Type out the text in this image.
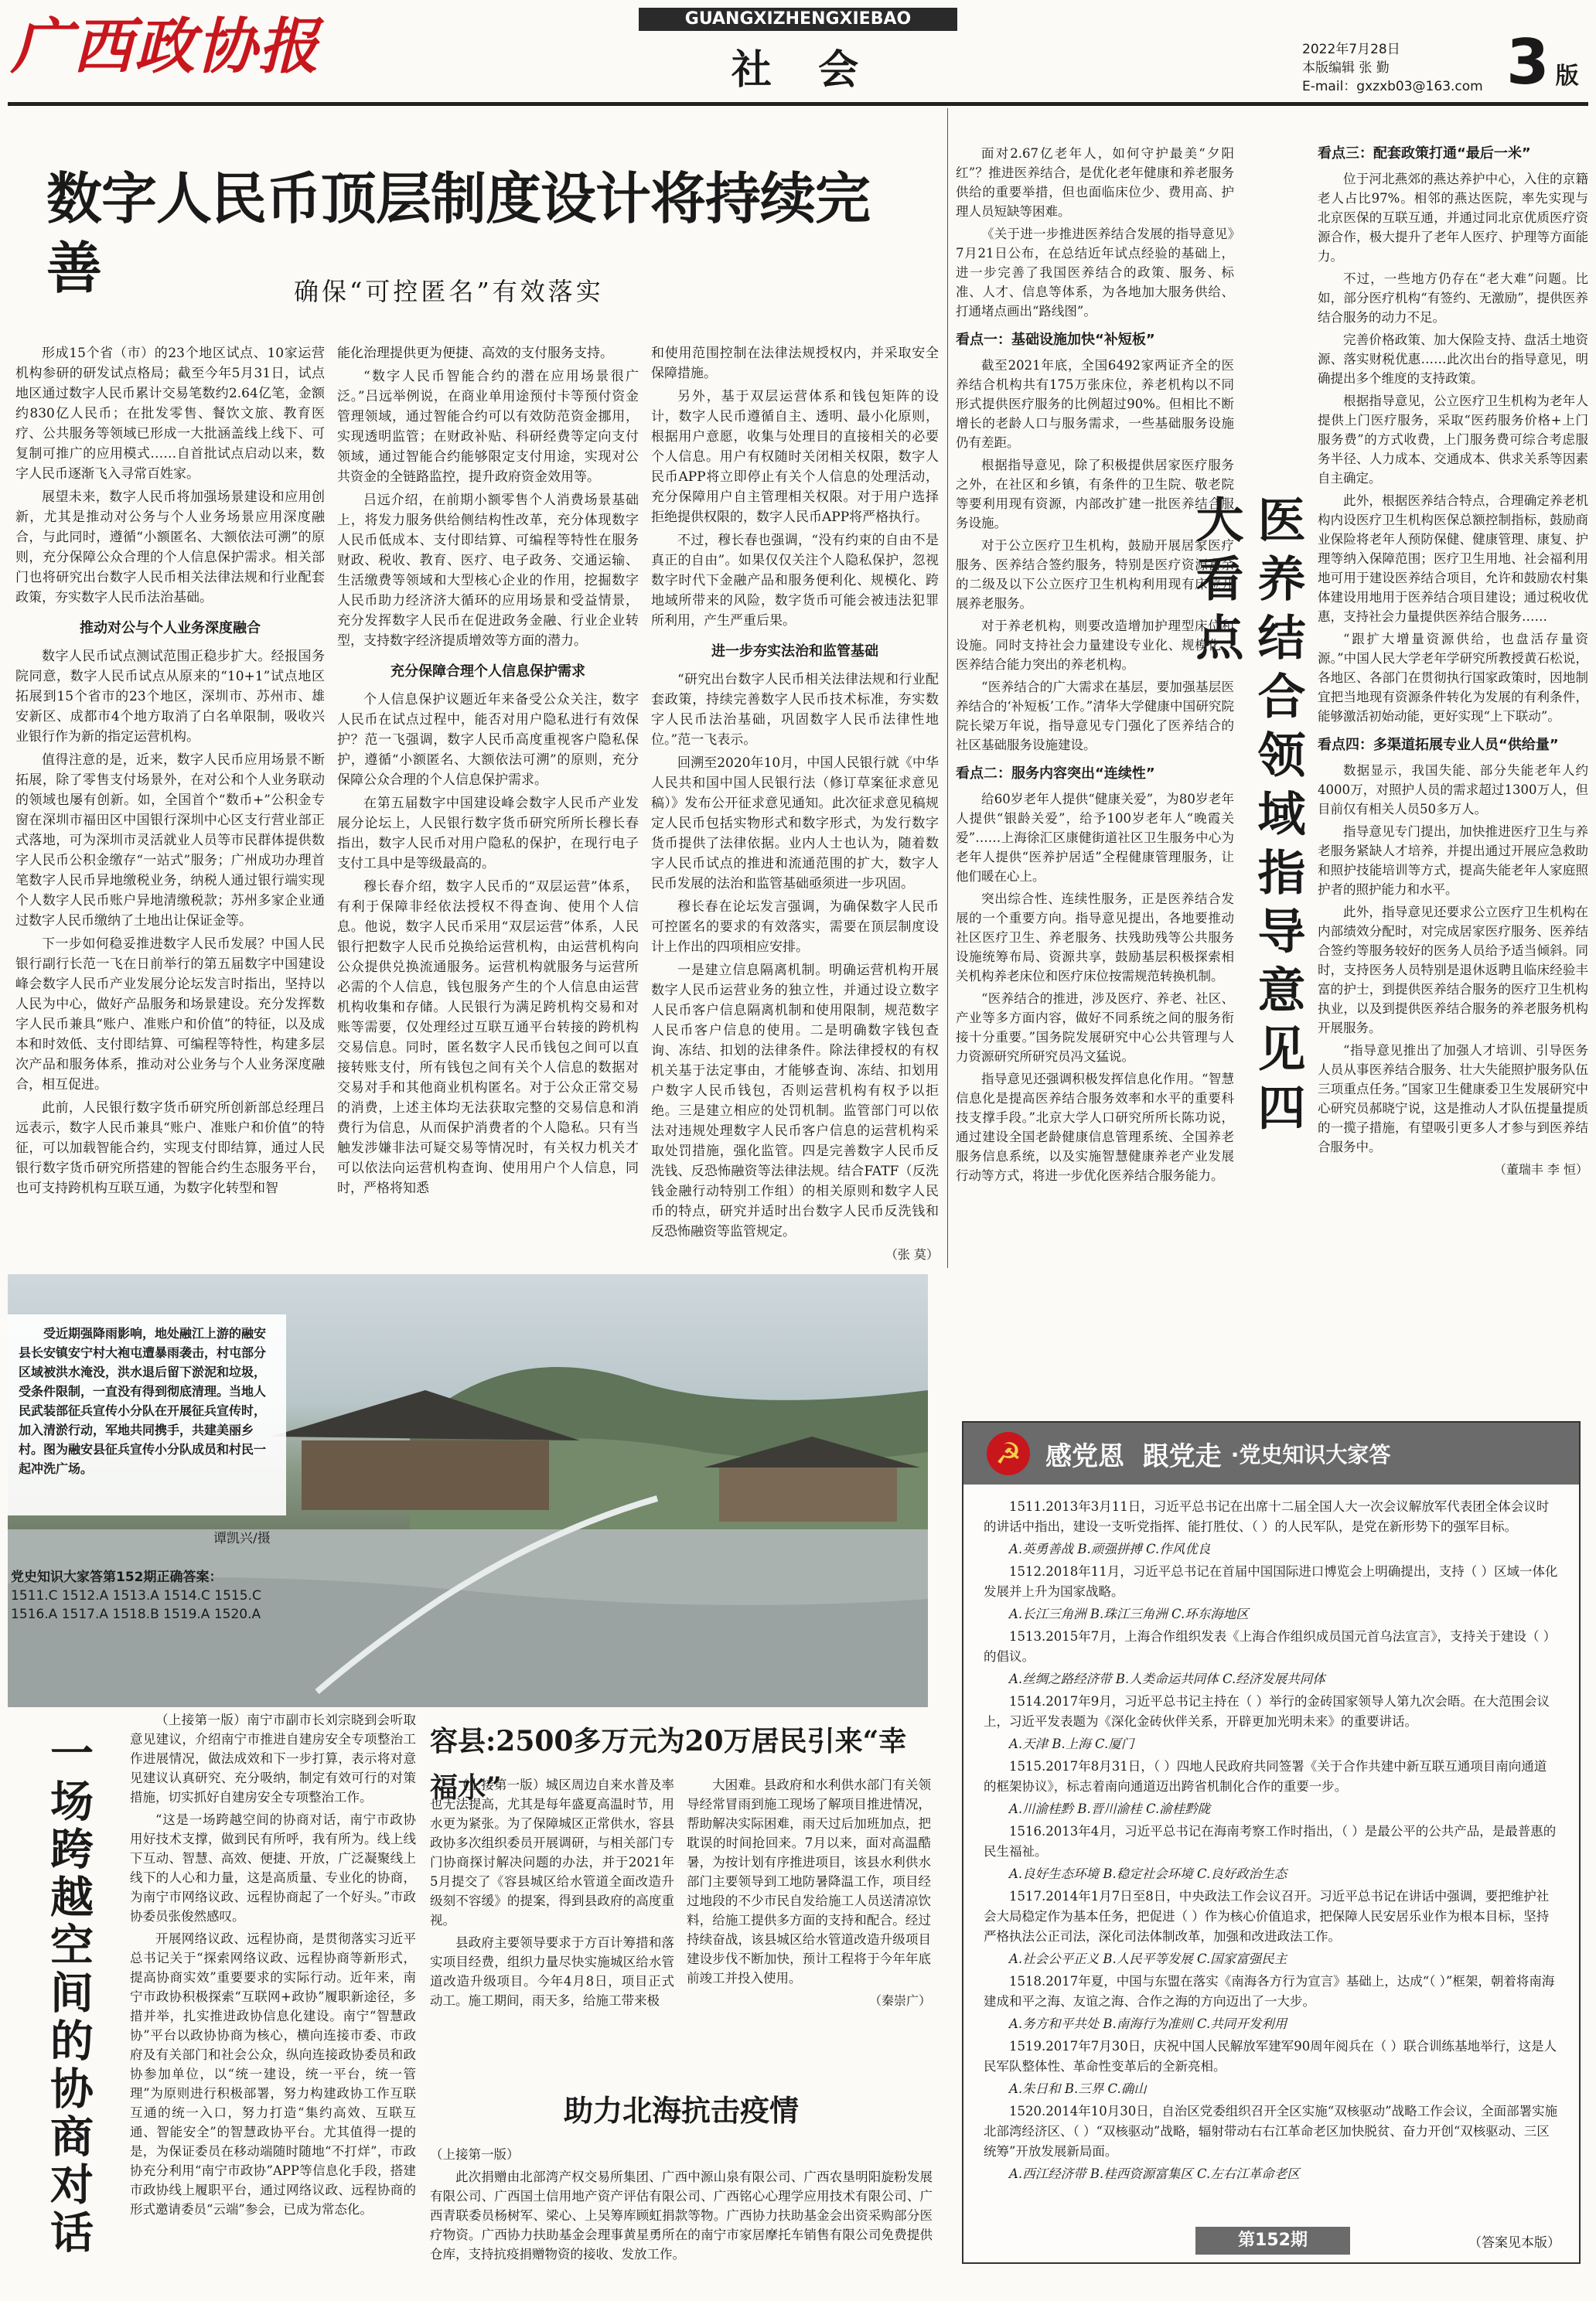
广西政协报	GUANGXIZHENGXIEBAO
社  会	2022年7月28日
本版编辑 张 勤
E-mail：gxzxb03@163.com 3 版
数字人民币顶层制度设计将持续完善	确保“可控匿名”有效落实

形成15个省（市）的23个地区试点、10家运营机构参研的研发试点格局；截至今年5月31日，试点地区通过数字人民币累计交易笔数约2.64亿笔，金额约830亿人民币；在批发零售、餐饮文旅、教育医疗、公共服务等领域已形成一大批涵盖线上线下、可复制可推广的应用模式……自首批试点启动以来，数字人民币逐渐飞入寻常百姓家。

展望未来，数字人民币将加强场景建设和应用创新，尤其是推动对公务与个人业务场景应用深度融合，与此同时，遵循“小额匿名、大额依法可溯”的原则，充分保障公众合理的个人信息保护需求。相关部门也将研究出台数字人民币相关法律法规和行业配套政策，夯实数字人民币法治基础。

推动对公与个人业务深度融合

数字人民币试点测试范围正稳步扩大。经报国务院同意，数字人民币试点从原来的“10+1”试点地区拓展到15个省市的23个地区，深圳市、苏州市、雄安新区、成都市4个地方取消了白名单限制，吸收兴业银行作为新的指定运营机构。

值得注意的是，近来，数字人民币应用场景不断拓展，除了零售支付场景外，在对公和个人业务联动的领域也屡有创新。如，全国首个“数币+”公积金专窗在深圳市福田区中国银行深圳中心区支行营业部正式落地，可为深圳市灵活就业人员等市民群体提供数字人民币公积金缴存“一站式”服务；广州成功办理首笔数字人民币异地缴税业务，纳税人通过银行端实现个人数字人民币账户异地清缴税款；苏州多家企业通过数字人民币缴纳了土地出让保证金等。

下一步如何稳妥推进数字人民币发展？中国人民银行副行长范一飞在日前举行的第五届数字中国建设峰会数字人民币产业发展分论坛发言时指出，坚持以人民为中心，做好产品服务和场景建设。充分发挥数字人民币兼具“账户、准账户和价值”的特征，以及成本和时效低、支付即结算、可编程等特性，构建多层次产品和服务体系，推动对公业务与个人业务深度融合，相互促进。

此前，人民银行数字货币研究所创新部总经理吕远表示，数字人民币兼具“账户、准账户和价值”的特征，可以加载智能合约，实现支付即结算，通过人民银行数字货币研究所搭建的智能合约生态服务平台，也可支持跨机构互联互通，为数字化转型和智

能化治理提供更为便捷、高效的支付服务支持。

“数字人民币智能合约的潜在应用场景很广泛。”吕远举例说，在商业单用途预付卡等预付资金管理领域，通过智能合约可以有效防范资金挪用，实现透明监管；在财政补贴、科研经费等定向支付领域，通过智能合约能够限定支付用途，实现对公共资金的全链路监控，提升政府资金效用等。

吕远介绍，在前期小额零售个人消费场景基础上，将发力服务供给侧结构性改革，充分体现数字人民币低成本、支付即结算、可编程等特性在服务财政、税收、教育、医疗、电子政务、交通运输、生活缴费等领域和大型核心企业的作用，挖掘数字人民币助力经济济大循环的应用场景和受益情景，充分发挥数字人民币在促进政务金融、行业企业转型，支持数字经济提质增效等方面的潜力。

充分保障合理个人信息保护需求

个人信息保护议题近年来备受公众关注，数字人民币在试点过程中，能否对用户隐私进行有效保护？范一飞强调，数字人民币高度重视客户隐私保护，遵循“小额匿名、大额依法可溯”的原则，充分保障公众合理的个人信息保护需求。

在第五届数字中国建设峰会数字人民币产业发展分论坛上，人民银行数字货币研究所所长穆长春指出，数字人民币对用户隐私的保护，在现行电子支付工具中是等级最高的。

穆长春介绍，数字人民币的“双层运营”体系，有利于保障非经依法授权不得查询、使用个人信息。他说，数字人民币采用“双层运营”体系，人民银行把数字人民币兑换给运营机构，由运营机构向公众提供兑换流通服务。运营机构就服务与运营所必需的个人信息，钱包服务产生的个人信息由运营机构收集和存储。人民银行为满足跨机构交易和对账等需要，仅处理经过互联互通平台转接的跨机构交易信息。同时，匿名数字人民币钱包之间可以直接转账支付，所有钱包之间有关个人信息的数据对交易对手和其他商业机构匿名。对于公众正常交易的消费，上述主体均无法获取完整的交易信息和消费行为信息，从而保护消费者的个人隐私。只有当触发涉嫌非法可疑交易等情况时，有关权力机关才可以依法向运营机构查询、使用用户个人信息，同时，严格将知悉

和使用范围控制在法律法规授权内，并采取安全保障措施。

另外，基于双层运营体系和钱包矩阵的设计，数字人民币遵循自主、透明、最小化原则，根据用户意愿，收集与处理目的直接相关的必要个人信息。用户有权随时关闭相关权限，数字人民币APP将立即停止有关个人信息的处理活动，充分保障用户自主管理相关权限。对于用户选择拒绝提供权限的，数字人民币APP将严格执行。

不过，穆长春也强调，“没有约束的自由不是真正的自由”。如果仅仅关注个人隐私保护，忽视数字时代下金融产品和服务便利化、规模化、跨地域所带来的风险，数字货币可能会被违法犯罪所利用，产生严重后果。

进一步夯实法治和监管基础

“研究出台数字人民币相关法律法规和行业配套政策，持续完善数字人民币技术标准，夯实数字人民币法治基础，巩固数字人民币法律性地位。”范一飞表示。

回溯至2020年10月，中国人民银行就《中华人民共和国中国人民银行法（修订草案征求意见稿）》发布公开征求意见通知。此次征求意见稿规定人民币包括实物形式和数字形式，为发行数字货币提供了法律依据。业内人士也认为，随着数字人民币试点的推进和流通范围的扩大，数字人民币发展的法治和监管基础亟须进一步巩固。

穆长春在论坛发言强调，为确保数字人民币可控匿名的要求的有效落实，需要在顶层制度设计上作出的四项相应安排。

一是建立信息隔离机制。明确运营机构开展数字人民币运营业务的独立性，并通过设立数字人民币客户信息隔离机制和使用限制，规范数字人民币客户信息的使用。二是明确数字钱包查询、冻结、扣划的法律条件。除法律授权的有权机关基于法定事由，才能够查询、冻结、扣划用户数字人民币钱包，否则运营机构有权予以拒绝。三是建立相应的处罚机制。监管部门可以依法对违规处理数字人民币客户信息的运营机构采取处罚措施，强化监管。四是完善数字人民币反洗钱、反恐怖融资等法律法规。结合FATF（反洗钱金融行动特别工作组）的相关原则和数字人民币的特点，研究并适时出台数字人民币反洗钱和反恐怖融资等监管规定。

（张 莫）

面对2.67亿老年人，如何守护最美“夕阳红”？推进医养结合，是优化老年健康和养老服务供给的重要举措，但也面临床位少、费用高、护理人员短缺等困难。

《关于进一步推进医养结合发展的指导意见》7月21日公布，在总结近年试点经验的基础上，进一步完善了我国医养结合的政策、服务、标准、人才、信息等体系，为各地加大服务供给、打通堵点画出“路线图”。

看点一：基础设施加快“补短板”

截至2021年底，全国6492家两证齐全的医养结合机构共有175万张床位，养老机构以不同形式提供医疗服务的比例超过90%。但相比不断增长的老龄人口与服务需求，一些基础服务设施仍有差距。

根据指导意见，除了积极提供居家医疗服务之外，在社区和乡镇，有条件的卫生院、敬老院等要利用现有资源，内部改扩建一批医养结合服务设施。

对于公立医疗卫生机构，鼓励开展居家医疗服务、医养结合签约服务，特别是医疗资源富余的二级及以下公立医疗卫生机构利用现有床位开展养老服务。

对于养老机构，则要改造增加护理型床位和设施。同时支持社会力量建设专业化、规模化、医养结合能力突出的养老机构。

“医养结合的广大需求在基层，要加强基层医养结合的‘补短板’工作。”清华大学健康中国研究院院长梁万年说，指导意见专门强化了医养结合的社区基础服务设施建设。

看点二：服务内容突出“连续性”

给60岁老年人提供“健康关爱”，为80岁老年人提供“银龄关爱”，给予100岁老年人“晚霞关爱”……上海徐汇区康健街道社区卫生服务中心为老年人提供“医养护居适”全程健康管理服务，让他们暖在心上。

突出综合性、连续性服务，正是医养结合发展的一个重要方向。指导意见提出，各地要推动社区医疗卫生、养老服务、扶残助残等公共服务设施统筹布局、资源共享，鼓励基层积极探索相关机构养老床位和医疗床位按需规范转换机制。

“医养结合的推进，涉及医疗、养老、社区、产业等多方面内容，做好不同系统之间的服务衔接十分重要。”国务院发展研究中心公共管理与人力资源研究所研究员冯文猛说。

指导意见还强调积极发挥信息化作用。“智慧信息化是提高医养结合服务效率和水平的重要科技支撑手段。”北京大学人口研究所所长陈功说，通过建设全国老龄健康信息管理系统、全国养老服务信息系统，以及实施智慧健康养老产业发展行动等方式，将进一步优化医养结合服务能力。

医养结合领域指导意见四大看点
看点三：配套政策打通“最后一米”

位于河北燕郊的燕达养护中心，入住的京籍老人占比97%。相邻的燕达医院，率先实现与北京医保的互联互通，并通过同北京优质医疗资源合作，极大提升了老年人医疗、护理等方面能力。

不过，一些地方仍存在“老大难”问题。比如，部分医疗机构“有签约、无激励”，提供医养结合服务的动力不足。

完善价格政策、加大保险支持、盘活土地资源、落实财税优惠……此次出台的指导意见，明确提出多个维度的支持政策。

根据指导意见，公立医疗卫生机构为老年人提供上门医疗服务，采取“医药服务价格+上门服务费”的方式收费，上门服务费可综合考虑服务半径、人力成本、交通成本、供求关系等因素自主确定。

此外，根据医养结合特点，合理确定养老机构内设医疗卫生机构医保总额控制指标，鼓励商业保险将老年人预防保健、健康管理、康复、护理等纳入保障范围；医疗卫生用地、社会福利用地可用于建设医养结合项目，允许和鼓励农村集体建设用地用于医养结合项目建设；通过税收优惠，支持社会力量提供医养结合服务……

“跟扩大增量资源供给，也盘活存量资源。”中国人民大学老年学研究所教授黄石松说，各地区、各部门在贯彻执行国家政策时，因地制宜把当地现有资源条件转化为发展的有利条件，能够激活初始动能，更好实现“上下联动”。

看点四：多渠道拓展专业人员“供给量”

数据显示，我国失能、部分失能老年人约4000万，对照护人员的需求超过1300万人，但目前仅有相关人员50多万人。

指导意见专门提出，加快推进医疗卫生与养老服务紧缺人才培养，并提出通过开展应急救助和照护技能培训等方式，提高失能老年人家庭照护者的照护能力和水平。

此外，指导意见还要求公立医疗卫生机构在内部绩效分配时，对完成居家医疗服务、医养结合签约等服务较好的医务人员给予适当倾斜。同时，支持医务人员特别是退休返聘且临床经验丰富的护士，到提供医养结合服务的医疗卫生机构执业，以及到提供医养结合服务的养老服务机构开展服务。

“指导意见推出了加强人才培训、引导医务人员从事医养结合服务、壮大失能照护服务队伍三项重点任务。”国家卫生健康委卫生发展研究中心研究员郝晓宁说，这是推动人才队伍提量提质的一揽子措施，有望吸引更多人才参与到医养结合服务中。

（董瑞丰 李 恒）
受近期强降雨影响，地处融江上游的融安县长安镇安宁村大袍屯遭暴雨袭击，村屯部分区域被洪水淹没，洪水退后留下淤泥和垃圾，受条件限制，一直没有得到彻底清理。当地人民武装部征兵宣传小分队在开展征兵宣传时，加入清淤行动，军地共同携手，共建美丽乡村。图为融安县征兵宣传小分队成员和村民一起冲洗广场。
谭凯兴/摄
党史知识大家答第152期正确答案：
1511.C 1512.A 1513.A 1514.C 1515.C
1516.A 1517.A 1518.B 1519.A 1520.A
一场跨越空间的协商对话

（上接第一版）南宁市副市长刘宗晓到会听取意见建议，介绍南宁市推进自建房安全专项整治工作进展情况，做法成效和下一步打算，表示将对意见建议认真研究、充分吸纳，制定有效可行的对策措施，切实抓好自建房安全专项整治工作。

“这是一场跨越空间的协商对话，南宁市政协用好技术支撑，做到民有所呼，我有所为。线上线下互动、智慧、高效、便捷、开放，广泛凝聚线上线下的人心和力量，这是高质量、专业化的协商，为南宁市网络议政、远程协商起了一个好头。”市政协委员张俊然感叹。

开展网络议政、远程协商，是贯彻落实习近平总书记关于“探索网络议政、远程协商等新形式，提高协商实效”重要要求的实际行动。近年来，南宁市政协积极探索“互联网+政协”履职新途径，多措并举，扎实推进政协信息化建设。南宁“智慧政协”平台以政协协商为核心，横向连接市委、市政府及有关部门和社会公众，纵向连接政协委员和政协参加单位，以“统一建设，统一平台，统一管理”为原则进行积极部署，努力构建政协工作互联互通的统一入口，努力打造“集约高效、互联互通、智能安全”的智慧政协平台。尤其值得一提的是，为保证委员在移动端随时随地“不打烊”，市政协充分利用“南宁市政协”APP等信息化手段，搭建市政协线上履职平台，通过网络议政、远程协商的形式邀请委员“云端”参会，已成为常态化。

容县:2500多万元为20万居民引来“幸福水”

（上接第一版）城区周边自来水普及率也无法提高，尤其是每年盛夏高温时节，用水更为紧张。为了保障城区正常供水，容县政协多次组织委员开展调研，与相关部门专门协商探讨解决问题的办法，并于2021年5月提交了《容县城区给水管道全面改造升级刻不容缓》的提案，得到县政府的高度重视。

县政府主要领导要求于方百计筹措和落实项目经费，组织力量尽快实施城区给水管道改造升级项目。今年4月8日，项目正式动工。施工期间，雨天多，给施工带来极

大困难。县政府和水利供水部门有关领导经常冒雨到施工现场了解项目推进情况，帮助解决实际困难，雨天过后加班加点，把耽误的时间抢回来。7月以来，面对高温酷暑，为按计划有序推进项目，该县水利供水部门主要领导到工地防暑降温工作，项目经过地段的不少市民自发给施工人员送清凉饮料，给施工提供多方面的支持和配合。经过持续奋战，该县城区给水管道改造升级项目建设步伐不断加快，预计工程将于今年年底前竣工并投入使用。

（秦崇广）
助力北海抗击疫情

（上接第一版）

此次捐赠由北部湾产权交易所集团、广西中源山泉有限公司、广西农垦明阳旋粉发展有限公司、广西国土信用地产资产评估有限公司、广西铭心心理学应用技术有限公司、广西青联委员杨树军、梁心、上吴筹库顾虹捐款等物。广西协力扶助基金会出资采购部分医疗物资。广西协力扶助基金会理事黄星勇所在的南宁市家居摩托车销售有限公司免费提供仓库，支持抗疫捐赠物资的接收、发放工作。

☭ 感党恩  跟党走 ·党史知识大家答

1511.2013年3月11日，习近平总书记在出席十二届全国人大一次会议解放军代表团全体会议时的讲话中指出，建设一支听党指挥、能打胜仗、（ ）的人民军队，是党在新形势下的强军目标。

A.英勇善战 B.顽强拼搏 C.作风优良

1512.2018年11月，习近平总书记在首届中国国际进口博览会上明确提出，支持（ ）区域一体化发展并上升为国家战略。

A.长江三角洲 B.珠江三角洲 C.环东海地区

1513.2015年7月，上海合作组织发表《上海合作组织成员国元首乌法宣言》，支持关于建设（ ）的倡议。

A.丝绸之路经济带 B.人类命运共同体 C.经济发展共同体

1514.2017年9月，习近平总书记主持在（ ）举行的金砖国家领导人第九次会晤。在大范围会议上，习近平发表题为《深化金砖伙伴关系，开辟更加光明未来》的重要讲话。

A.天津 B.上海 C.厦门

1515.2017年8月31日，（ ）四地人民政府共同签署《关于合作共建中新互联互通项目南向通道的框架协议》，标志着南向通道迈出跨省机制化合作的重要一步。

A.川渝桂黔 B.晋川渝桂 C.渝桂黔陇

1516.2013年4月，习近平总书记在海南考察工作时指出，（ ）是最公平的公共产品，是最普惠的民生福祉。

A.良好生态环境 B.稳定社会环境 C.良好政治生态

1517.2014年1月7日至8日，中央政法工作会议召开。习近平总书记在讲话中强调，要把维护社会大局稳定作为基本任务，把促进（ ）作为核心价值追求，把保障人民安居乐业作为根本目标，坚持严格执法公正司法，深化司法体制改革，加强和改进政法工作。

A.社会公平正义 B.人民平等发展 C.国家富强民主

1518.2017年夏，中国与东盟在落实《南海各方行为宣言》基础上，达成“（ ）”框架，朝着将南海建成和平之海、友谊之海、合作之海的方向迈出了一大步。

A.务方和平共处 B.南海行为准则 C.共同开发利用

1519.2017年7月30日，庆祝中国人民解放军建军90周年阅兵在（ ）联合训练基地举行，这是人民军队整体性、革命性变革后的全新亮相。

A.朱日和 B.三界 C.确山

1520.2014年10月30日，自治区党委组织召开全区实施“双核驱动”战略工作会议，全面部署实施北部湾经济区、（ ）“双核驱动”战略，辐射带动右右江革命老区加快脱贫、奋力开创“双核驱动、三区统筹”开放发展新局面。

A.西江经济带 B.桂西资源富集区 C.左右江革命老区

第152期	（答案见本版）
